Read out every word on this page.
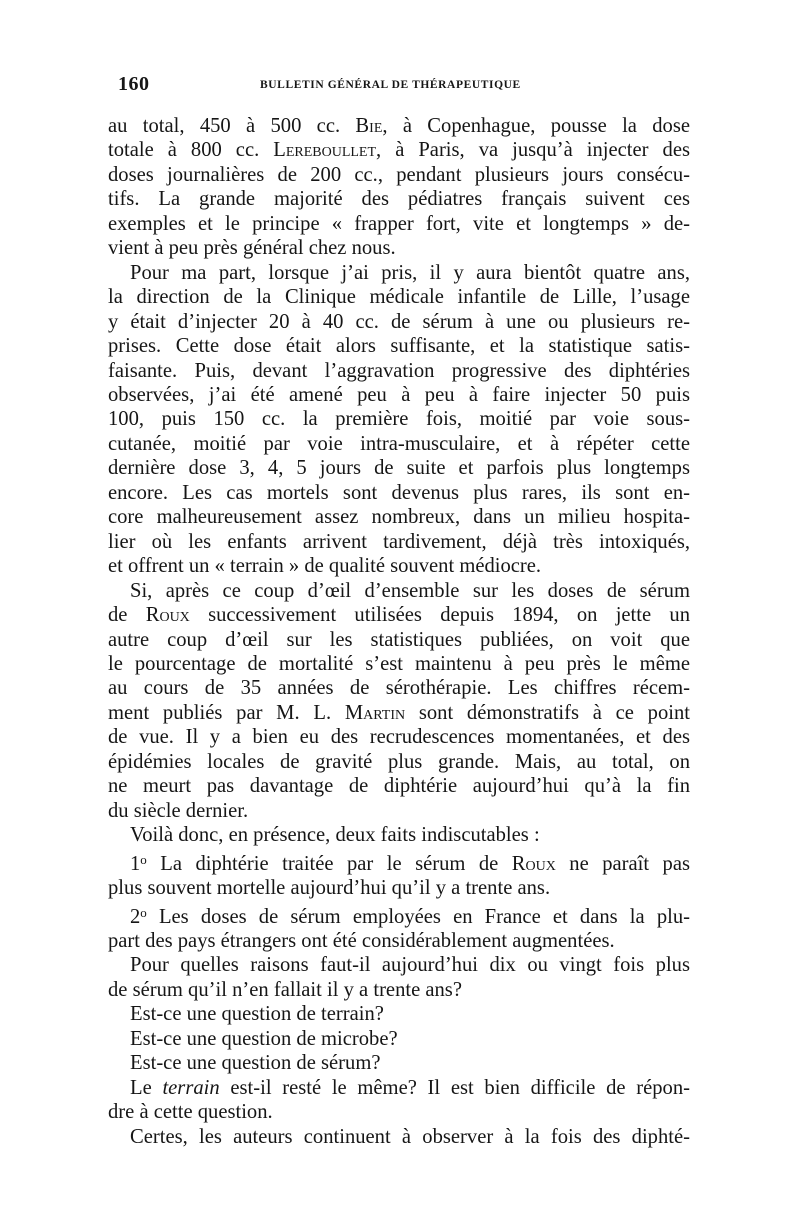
160	BULLETIN GÉNÉRAL DE THÉRAPEUTIQUE
au total, 450 à 500 cc. Bie, à Copenhague, pousse la dose
totale à 800 cc. Lereboullet, à Paris, va jusqu’à injecter des
doses journalières de 200 cc., pendant plusieurs jours consécu-
tifs. La grande majorité des pédiatres français suivent ces
exemples et le principe « frapper fort, vite et longtemps » de-
vient à peu près général chez nous.
Pour ma part, lorsque j’ai pris, il y aura bientôt quatre ans,
la direction de la Clinique médicale infantile de Lille, l’usage
y était d’injecter 20 à 40 cc. de sérum à une ou plusieurs re-
prises. Cette dose était alors suffisante, et la statistique satis-
faisante. Puis, devant l’aggravation progressive des diphtéries
observées, j’ai été amené peu à peu à faire injecter 50 puis
100, puis 150 cc. la première fois, moitié par voie sous-
cutanée, moitié par voie intra-musculaire, et à répéter cette
dernière dose 3, 4, 5 jours de suite et parfois plus longtemps
encore. Les cas mortels sont devenus plus rares, ils sont en-
core malheureusement assez nombreux, dans un milieu hospita-
lier où les enfants arrivent tardivement, déjà très intoxiqués,
et offrent un « terrain » de qualité souvent médiocre.
Si, après ce coup d’œil d’ensemble sur les doses de sérum
de Roux successivement utilisées depuis 1894, on jette un
autre coup d’œil sur les statistiques publiées, on voit que
le pourcentage de mortalité s’est maintenu à peu près le même
au cours de 35 années de sérothérapie. Les chiffres récem-
ment publiés par M. L. Martin sont démonstratifs à ce point
de vue. Il y a bien eu des recrudescences momentanées, et des
épidémies locales de gravité plus grande. Mais, au total, on
ne meurt pas davantage de diphtérie aujourd’hui qu’à la fin
du siècle dernier.
Voilà donc, en présence, deux faits indiscutables :
1$^o$ La diphtérie traitée par le sérum de Roux ne paraît pas
plus souvent mortelle aujourd’hui qu’il y a trente ans.
2$^o$ Les doses de sérum employées en France et dans la plu-
part des pays étrangers ont été considérablement augmentées.
Pour quelles raisons faut-il aujourd’hui dix ou vingt fois plus
de sérum qu’il n’en fallait il y a trente ans?
Est-ce une question de terrain?
Est-ce une question de microbe?
Est-ce une question de sérum?
Le terrain est-il resté le même? Il est bien difficile de répon-
dre à cette question.
Certes, les auteurs continuent à observer à la fois des diphté-
